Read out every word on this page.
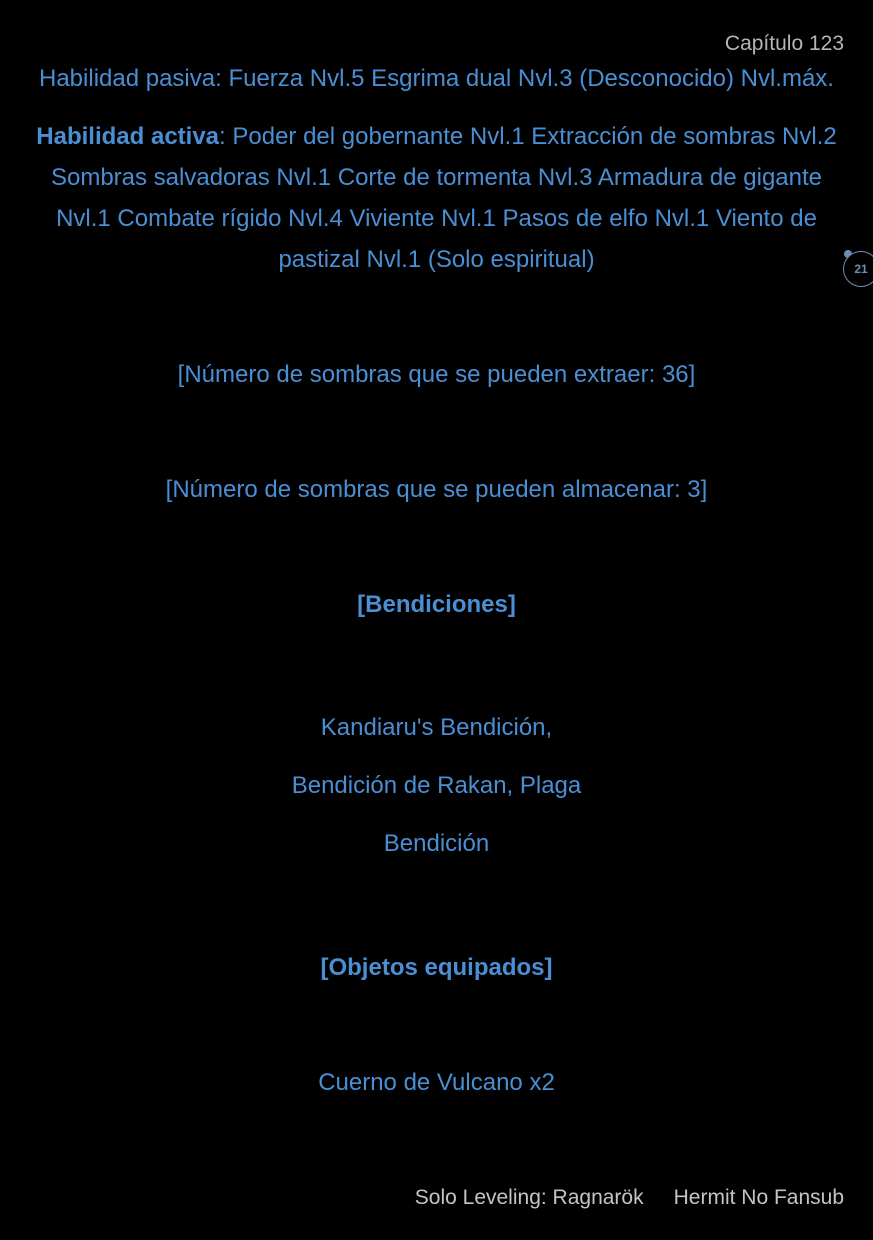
Capítulo 123

Habilidad pasiva: Fuerza Nvl.5 Esgrima dual Nvl.3 (Desconocido) Nvl.máx.

Habilidad activa: Poder del gobernante Nvl.1 Extracción de sombras Nvl.2 Sombras salvadoras Nvl.1 Corte de tormenta Nvl.3 Armadura de gigante Nvl.1 Combate rígido Nvl.4 Viviente Nvl.1 Pasos de elfo Nvl.1 Viento de pastizal Nvl.1 (Solo espiritual)

[Número de sombras que se pueden extraer: 36]

[Número de sombras que se pueden almacenar: 3]

[Bendiciones]

Kandiaru's Bendición,

Bendición de Rakan, Plaga

Bendición

[Objetos equipados]

Cuerno de Vulcano x2

21
Solo Leveling: Ragnarök Hermit No Fansub
